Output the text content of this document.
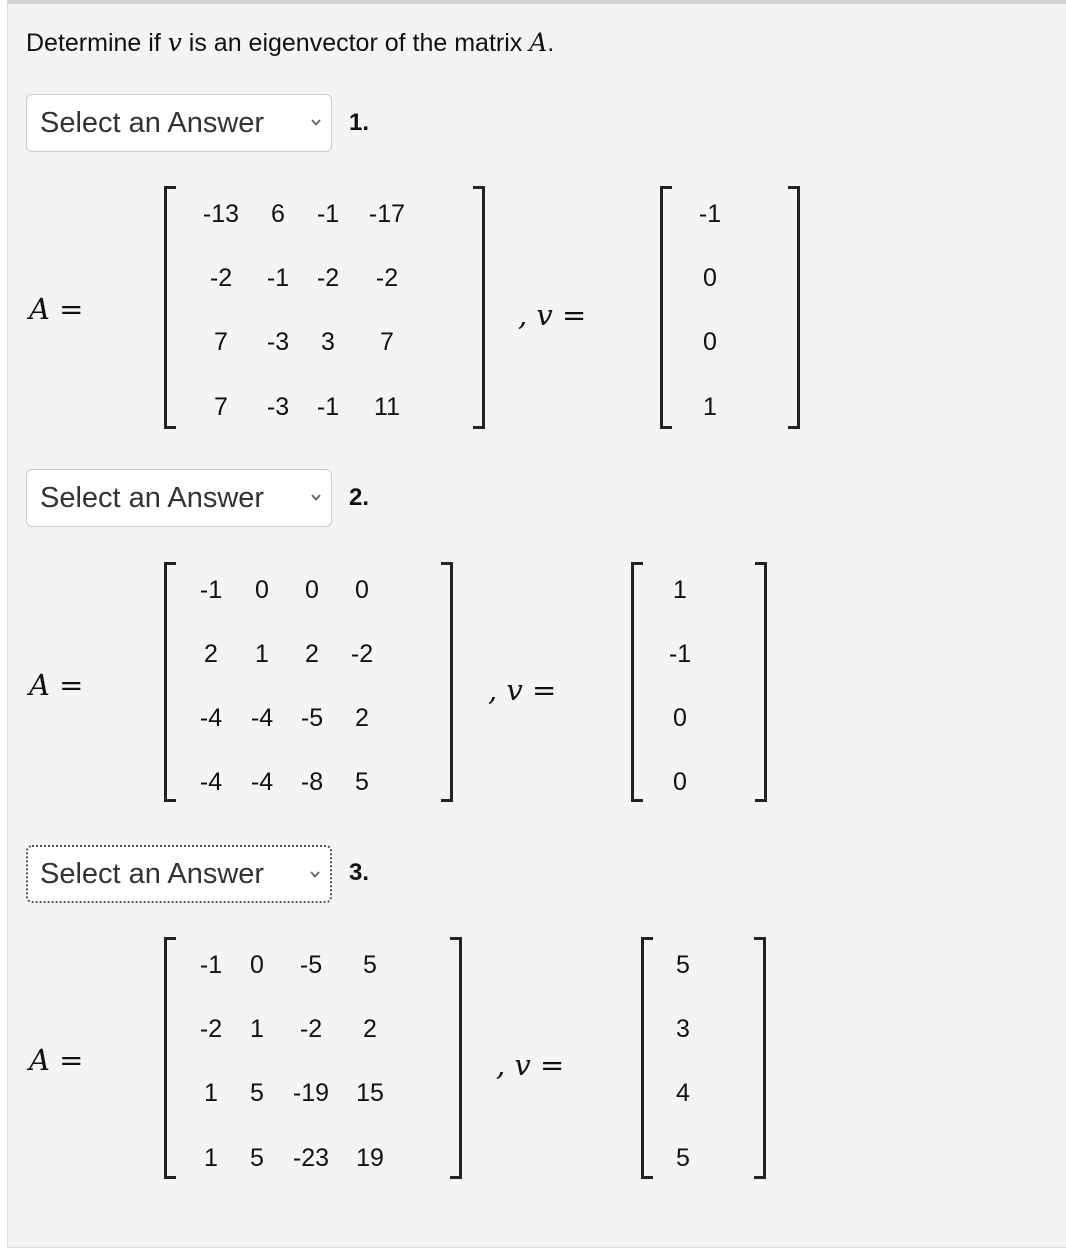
Determine if v is an eigenvector of the matrix A.
Select an Answer	1.
A =
-13 6 -1 -17
-2 -1 -2 -2
7 -3 3 7
7 -3 -1 11
, v =
-1
0
0
1
Select an Answer	2.
A =
-1 0 0 0
2 1 2 -2
-4 -4 -5 2
-4 -4 -8 5
, v =
1
-1
0
0
Select an Answer	3.
A =
-1 0 -5 5
-2 1 -2 2
1 5 -19 15
1 5 -23 19
, v =
5
3
4
5
